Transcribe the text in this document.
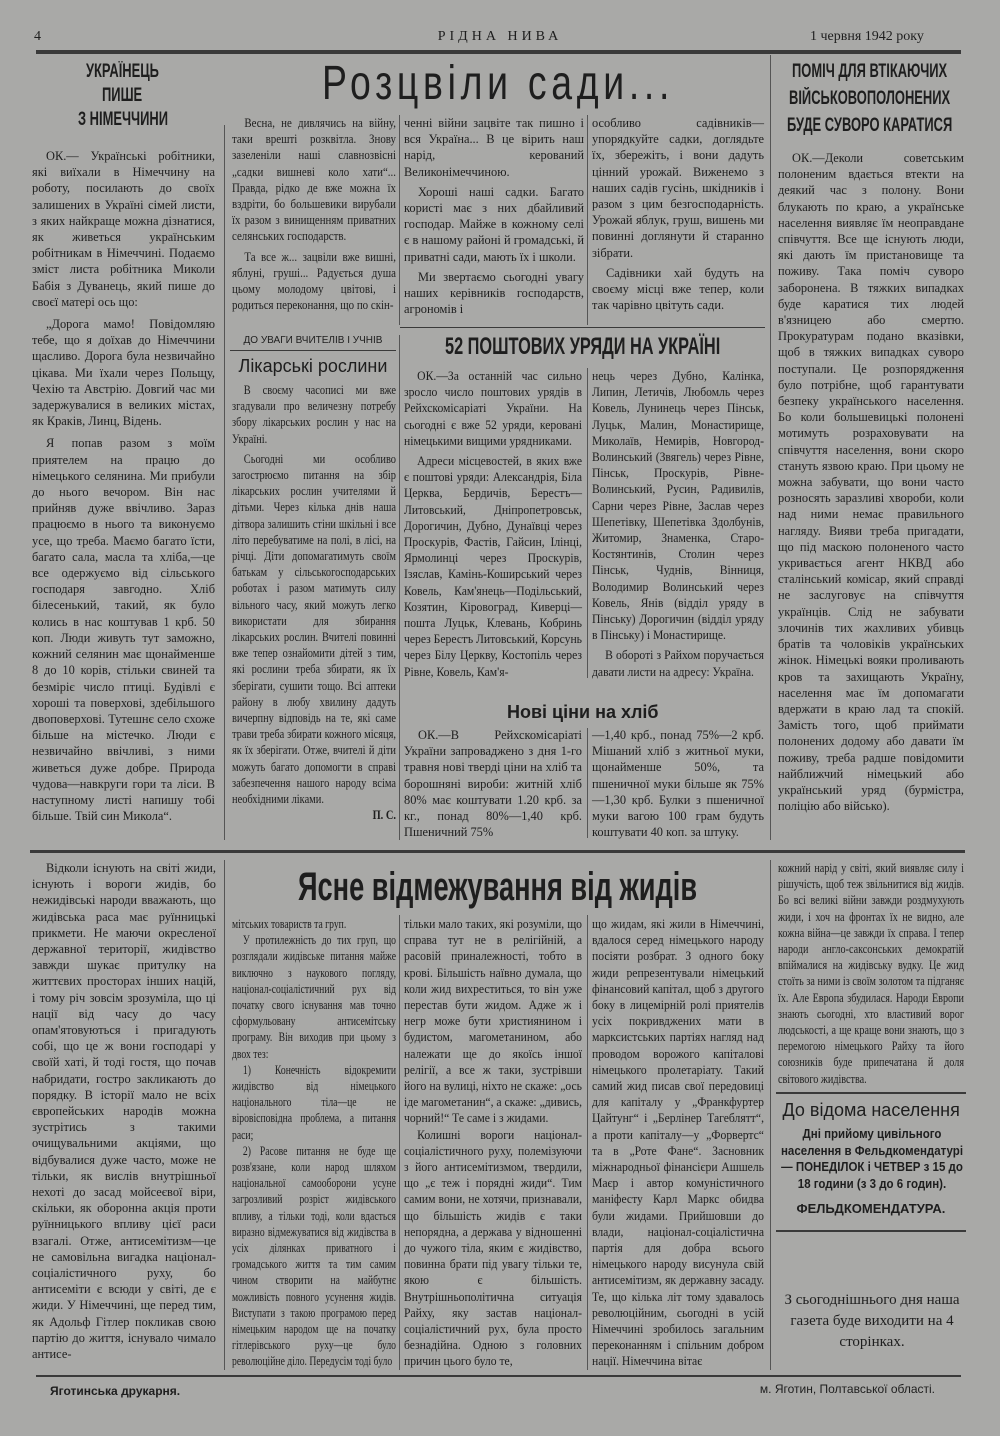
4	РІДНА НИВА	1 червня 1942 року
УКРАЇНЕЦЬ
ПИШЕ
З НІМЕЧЧИНИ

ОК.— Українські робітники, які виїхали в Німеччину на роботу, посилають до своїх залишених в Україні сімей листи, з яких найкраще можна дізнатися, як живеться українським робітникам в Німеччині. Подаємо зміст листа робітника Миколи Бабія з Дуванець, який пише до своєї матері ось що:

„Дорога мамо! Повідомляю тебе, що я доїхав до Німеччини щасливо. Дорога була незвичайно цікава. Ми їхали через Польщу, Чехію та Австрію. Довгий час ми задержувалися в великих містах, як Краків, Линц, Відень.

Я попав разом з моїм приятелем на працю до німецького селянина. Ми прибули до нього вечором. Він нас прийняв дуже ввічливо. Зараз працюємо в нього та виконуємо усе, що треба. Маємо багато їсти, багато сала, масла та хліба,—це все одержуємо від сільського господаря завгодно. Хліб білесенький, такий, як було колись в нас коштував 1 крб. 50 коп. Люди живуть тут заможно, кожний селянин має щонайменше 8 до 10 корів, стільки свиней та безміріє число птиці. Будівлі є хороші та поверхові, здебільшого двоповерхові. Тутешнє село схоже більше на містечко. Люди є незвичайно ввічливі, з ними живеться дуже добре. Природа чудова—навкруги гори та ліси. В наступному листі напишу тобі більше. Твій син Микола“.

Розцвіли сади...

Весна, не дивлячись на війну, таки врешті розквітла. Знову зазеленіли наші славнозвісні „садки вишневі коло хати“... Правда, рідко де вже можна їх вздріти, бо большевики вирубали їх разом з винищенням приватних селянських господарств.

Та все ж... зацвіли вже вишні, яблуні, груші... Радується душа цьому молодому цвітові, і родиться переконання, що по скін-

ченні війни зацвіте так пишно і вся Україна... В це вірить наш нарід, керований Великонімеччиною.

Хороші наші садки. Багато користі має з них дбайливий господар. Майже в кожному селі є в нашому районі й громадські, й приватні сади, мають їх і школи.

Ми звертаємо сьогодні увагу наших керівників господарств, агрономів і

особливо садівників—упорядкуйте садки, доглядьте їх, збережіть, і вони дадуть цінний урожай. Виженемо з наших садів гусінь, шкідників і разом з цим безгосподарність. Урожай яблук, груш, вишень ми повинні доглянути й старанно зібрати.

Садівники хай будуть на своєму місці вже тепер, коли так чарівно цвітуть сади.

ДО УВАГИ ВЧИТЕЛІВ І УЧНІВ
Лікарські рослини

В своєму часописі ми вже згадували про величезну потребу збору лікарських рослин у нас на Україні.

Сьогодні ми особливо загострюємо питання на збір лікарських рослин учителями й дітьми. Через кілька днів наша дітвора залишить стіни шкільні і все літо перебуватиме на полі, в лісі, на річці. Діти допомагатимуть своїм батькам у сільськогосподарських роботах і разом матимуть силу вільного часу, який можуть легко використати для збирання лікарських рослин. Вчителі повинні вже тепер ознайомити дітей з тим, які рослини треба збирати, як їх зберігати, сушити тощо. Всі аптеки району в любу хвилину дадуть вичерпну відповідь на те, які саме трави треба збирати кожного місяця, як їх зберігати. Отже, вчителі й діти можуть багато допомогти в справі забезпечення нашого народу всіма необхідними ліками.

П. С.
52 ПОШТОВИХ УРЯДИ НА УКРАЇНІ

ОК.—За останній час сильно зросло число поштових урядів в Рейхскомісаріаті України. На сьогодні є вже 52 уряди, керовані німецькими вищими урядниками.

Адреси місцевостей, в яких вже є поштові уряди: Александрія, Біла Церква, Бердичів, Берестъ—Литовський, Дніпропетровськ, Дорогичин, Дубно, Дунаївці через Проскурів, Фастів, Гайсин, Ілінці, Ярмолинці через Проскурів, Ізяслав, Камінь-Коширський через Ковель, Кам'янець—Подільський, Козятин, Кіровоград, Киверці—пошта Луцьк, Клевань, Кобринь через Берестъ Литовський, Корсунь через Білу Церкву, Костопіль через Рівне, Ковель, Кам'я-

нець через Дубно, Калінка, Липин, Летичів, Любомль через Ковель, Лунинець через Пінськ, Луцьк, Малин, Монастирище, Миколаїв, Немирів, Новгород-Волинський (Звягель) через Рівне, Пінськ, Проскурів, Рівне-Волинський, Русин, Радивилів, Сарни через Рівне, Заслав через Шепетівку, Шепетівка Здолбунів, Житомир, Знаменка, Старо-Костянтинів, Столин через Пінськ, Чуднів, Вінниця, Володимир Волинський через Ковель, Янів (відділ уряду в Пінську) Дорогичин (відділ уряду в Пінську) і Монастирище.

В обороті з Райхом поручається давати листи на адресу: Україна.

Нові ціни на хліб

ОК.—В Рейхскомісаріаті України запроваджено з дня 1-го травня нові тверді ціни на хліб та борошняні вироби: житній хліб 80% має коштувати 1.20 крб. за кг., понад 80%—1,40 крб. Пшеничний 75%

—1,40 крб., понад 75%—2 крб. Мішаний хліб з житньої муки, щонайменше 50%, та пшеничної муки більше як 75%—1,30 крб. Булки з пшеничної муки вагою 100 грам будуть коштувати 40 коп. за штуку.

ПОМІЧ ДЛЯ ВТІКАЮЧИХ
ВІЙСЬКОВОПОЛОНЕНИХ
БУДЕ СУВОРО КАРАТИСЯ

ОК.—Деколи советським полоненим вдається втекти на деякий час з полону. Вони блукають по краю, а українське населення виявляє їм неоправдане співчуття. Все ще існують люди, які дають їм пристановище та поживу. Така поміч суворо заборонена. В тяжких випадках буде каратися тих людей в'язницею або смертю. Прокуратурам подано вказівки, щоб в тяжких випадках суворо поступали. Це розпорядження було потрібне, щоб гарантувати безпеку українського населення. Бо коли большевицькі полонені мотимуть розраховувати на співчуття населення, вони скоро стануть язвою краю. При цьому не можна забувати, що вони часто розносять заразливі хвороби, коли над ними немає правильного нагляду. Вияви треба пригадати, що під маскою полоненого часто укривається агент НКВД або сталінський комісар, який справді не заслуговує на співчуття українців. Слід не забувати злочинів тих жахливих убивць братів та чоловіків українських жінок. Німецькі вояки проливають кров та захищають Україну, населення має їм допомагати вдержати в краю лад та спокій. Замість того, щоб приймати полонених додому або давати їм поживу, треба радше повідомити найближчий німецький або український уряд (бурмістра, поліцію або військо).

Відколи існують на світі жиди, існують і вороги жидів, бо нежидівські народи вважають, що жидівська раса має руїнницькі прикмети. Не маючи окресленої державної території, жидівство завжди шукає притулку на життєвих просторах інших націй, і тому річ зовсім зрозуміла, що ці нації від часу до часу опам'ятовуються і пригадують собі, що це ж вони господарі у своїй хаті, й тоді гостя, що почав набридати, гостро закликають до порядку. В історії мало не всіх європейських народів можна зустрітись з такими очищувальними акціями, що відбувалися дуже часто, може не тільки, як вислів внутрішньої нехоті до засад мойсеєвої віри, скільки, як оборонна акція проти руїнницького впливу цієї раси взагалі. Отже, антисемітизм—це не самовільна вигадка націонал-соціалістичного руху, бо антисеміти є всюди у світі, де є жиди. У Німеччині, ще перед тим, як Адольф Гітлер покликав свою партію до життя, існувало чимало антисе-

Ясне відмежування від жидів

мітських товариств та груп.

У протилежність до тих груп, що розглядали жидівське питання майже виключно з наукового погляду, націонал-соціалістичний рух від початку свого існування мав точно сформульовану антисемітську програму. Він виходив при цьому з двох тез:

1) Конечність відокремити жидівство від німецького національного тіла—це не віровісповідна проблема, а питання раси;

2) Расове питання не буде ще розв'язане, коли народ шляхом національної самооборони усуне загрозливий розріст жидівського впливу, а тільки тоді, коли вдасться виразно відмежуватися від жидівства в усіх ділянках приватного і громадського життя та тим самим чином створити на майбутнє можливість повного усунення жидів. Виступати з такою програмою перед німецьким народом ще на початку гітлерівського руху—це було революційне діло. Передусім тоді було

тільки мало таких, які розуміли, що справа тут не в релігійній, а расовій приналежності, тобто в крові. Більшість наївно думала, що коли жид вихреститься, то він уже перестав бути жидом. Адже ж і негр може бути християнином і будистом, магометанином, або належати ще до якоїсь іншої релігії, а все ж таки, зустрівши його на вулиці, ніхто не скаже: „ось іде магометанин“, а скаже: „дивись, чорний!“ Те саме і з жидами.

Колишні вороги націонал-соціалістичного руху, полемізуючи з його антисемітизмом, твердили, що „є теж і порядні жиди“. Тим самим вони, не хотячи, признавали, що більшість жидів є таки непорядна, а держава у відношенні до чужого тіла, яким є жидівство, повинна брати під увагу тільки те, якою є більшість. Внутрішньополітична ситуація Райху, яку застав націонал-соціалістичний рух, була просто безнадійна. Одною з головних причин цього було те,

що жидам, які жили в Німеччині, вдалося серед німецького народу посіяти розбрат. З одного боку жиди репрезентували німецький фінансовий капітал, щоб з другого боку в лицемірній ролі приятелів усіх покривджених мати в марксистських партіях нагляд над проводом ворожого капіталові німецького пролетаріату. Такий самий жид писав свої передовиці для капіталу у „Франкфуртер Цайтунг“ і „Берлінер Тагеблятт“, а проти капіталу—у „Форвертс“ та в „Роте Фане“. Засновник міжнародньої фінансієри Ашшель Маєр і автор комуністичного маніфесту Карл Маркс обидва були жидами. Прийшовши до влади, націонал-соціалістична партія для добра всього німецького народу висунула свій антисемітизм, як державну засаду. Те, що кілька літ тому здавалось революційним, сьогодні в усій Німеччині зробилось загальним переконанням і спільним добром нації. Німеччина вітає

кожний нарід у світі, який виявляє силу і рішучість, щоб теж звільнитися від жидів. Бо всі великі війни завжди роздмухують жиди, і хоч на фронтах їх не видно, але кожна війна—це завжди їх справа. І тепер народи англо-саксонських демократій впіймалися на жидівську вудку. Це жид стоїть за ними із своїм золотом та підганяє їх. Але Европа збудилася. Народи Европи знають сьогодні, хто властивий ворог людськості, а ще краще вони знають, що з перемогою німецького Райху та його союзників буде припечатана й доля світового жидівства.

До відома населення
Дні прийому цивільного населення в Фельдкомендатурі — ПОНЕДІЛОК і ЧЕТВЕР з 15 до 18 години (з 3 до 6 годин).
ФЕЛЬДКОМЕНДАТУРА.
З сьогоднішнього дня наша газета буде виходити на 4 сторінках.
Яготинська друкарня.	м. Яготин, Полтавської області.
